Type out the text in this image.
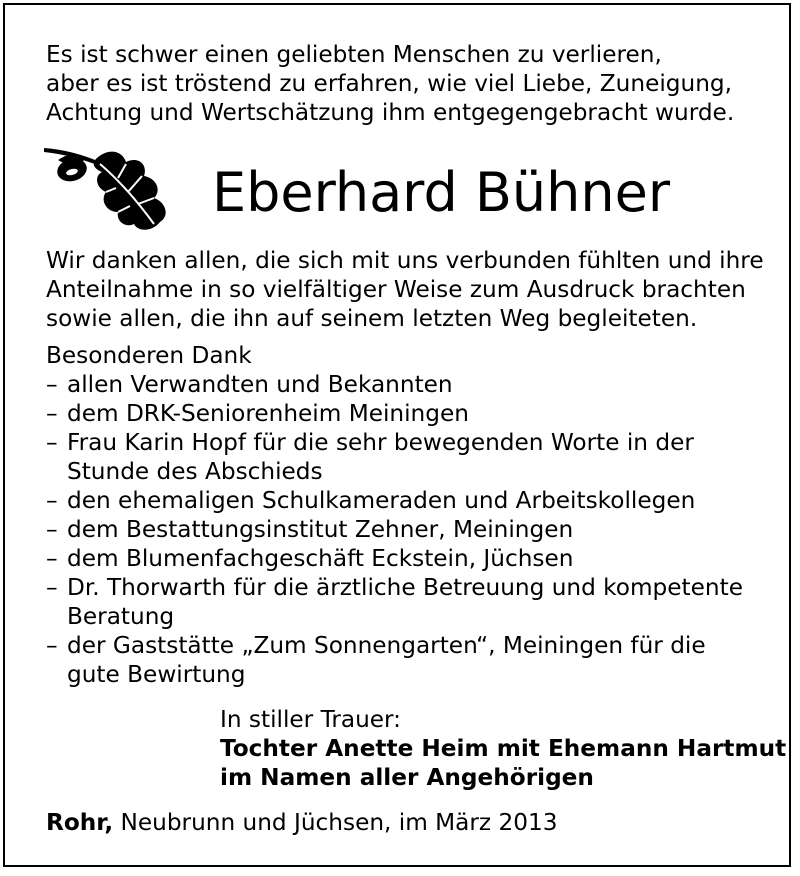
Es ist schwer einen geliebten Menschen zu verlieren,
aber es ist tröstend zu erfahren, wie viel Liebe, Zuneigung,
Achtung und Wertschätzung ihm entgegengebracht wurde.
Eberhard Bühner
Wir danken allen, die sich mit uns verbunden fühlten und ihre
Anteilnahme in so vielfältiger Weise zum Ausdruck brachten
sowie allen, die ihn auf seinem letzten Weg begleiteten.
Besonderen Dank
– allen Verwandten und Bekannten
– dem DRK-Seniorenheim Meiningen
– Frau Karin Hopf für die sehr bewegenden Worte in der
Stunde des Abschieds
– den ehemaligen Schulkameraden und Arbeitskollegen
– dem Bestattungsinstitut Zehner, Meiningen
– dem Blumenfachgeschäft Eckstein, Jüchsen
– Dr. Thorwarth für die ärztliche Betreuung und kompetente
Beratung
– der Gaststätte „Zum Sonnengarten“, Meiningen für die
gute Bewirtung
In stiller Trauer:
Tochter Anette Heim mit Ehemann Hartmut
im Namen aller Angehörigen
Rohr, Neubrunn und Jüchsen, im März 2013
